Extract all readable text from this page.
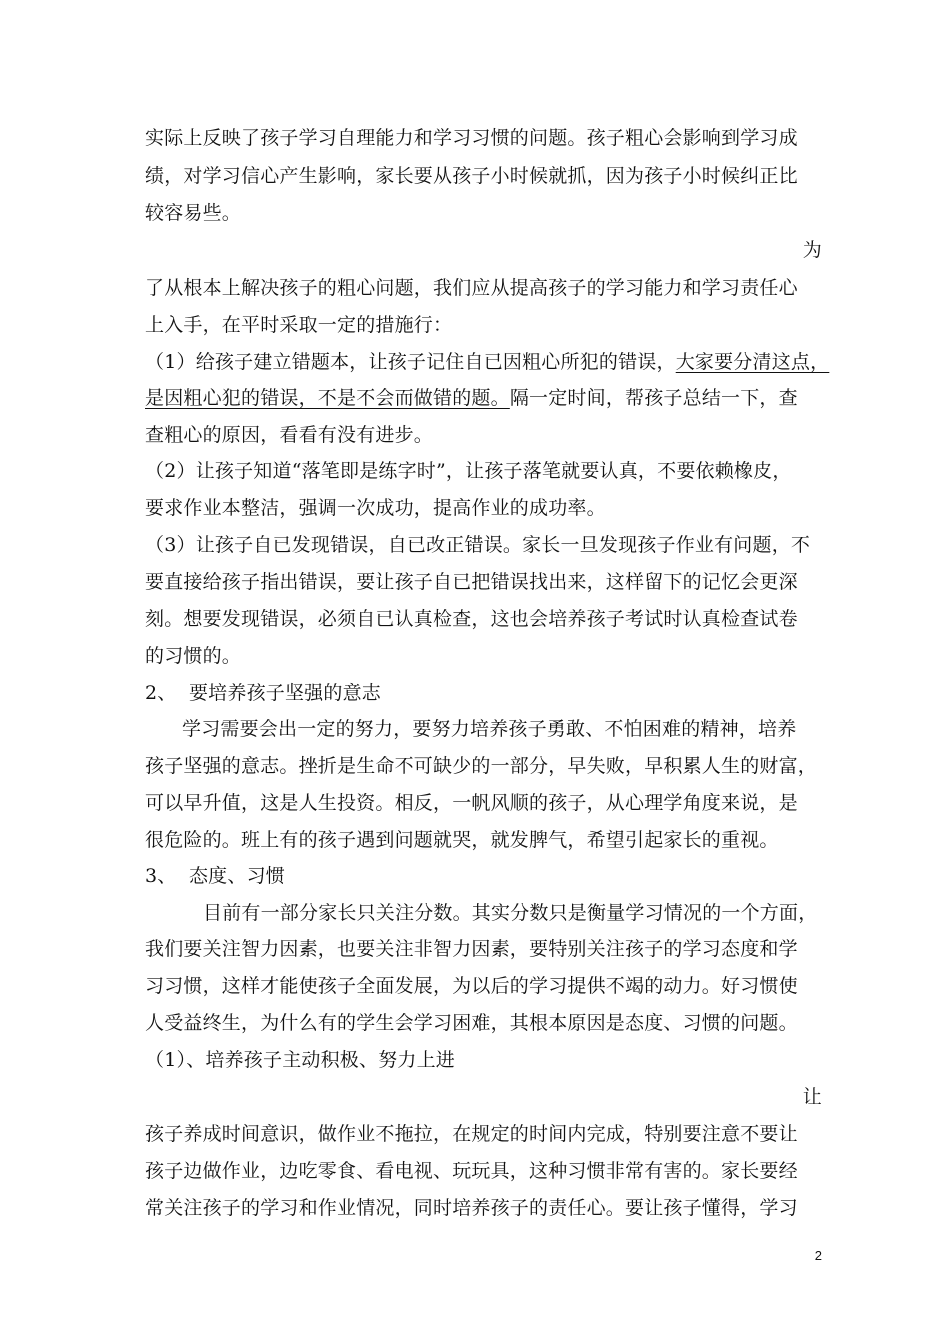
实际上反映了孩子学习自理能力和学习习惯的问题。孩子粗心会影响到学习成
绩，对学习信心产生影响，家长要从孩子小时候就抓，因为孩子小时候纠正比
较容易些。
为
了从根本上解决孩子的粗心问题，我们应从提高孩子的学习能力和学习责任心
上入手，在平时采取一定的措施行：
（1）给孩子建立错题本，让孩子记住自已因粗心所犯的错误，大家要分清这点，
是因粗心犯的错误，不是不会而做错的题。隔一定时间，帮孩子总结一下，查
查粗心的原因，看看有没有进步。
（2）让孩子知道“落笔即是练字时”，让孩子落笔就要认真，不要依赖橡皮，
要求作业本整洁，强调一次成功，提高作业的成功率。
（3）让孩子自已发现错误，自已改正错误。家长一旦发现孩子作业有问题，不
要直接给孩子指出错误，要让孩子自已把错误找出来，这样留下的记忆会更深
刻。想要发现错误，必须自已认真检查，这也会培养孩子考试时认真检查试卷
的习惯的。
2、  要培养孩子坚强的意志
学习需要会出一定的努力，要努力培养孩子勇敢、不怕困难的精神，培养
孩子坚强的意志。挫折是生命不可缺少的一部分，早失败，早积累人生的财富，
可以早升值，这是人生投资。相反，一帆风顺的孩子，从心理学角度来说，是
很危险的。班上有的孩子遇到问题就哭，就发脾气，希望引起家长的重视。
3、  态度、习惯
目前有一部分家长只关注分数。其实分数只是衡量学习情况的一个方面，
我们要关注智力因素，也要关注非智力因素，要特别关注孩子的学习态度和学
习习惯，这样才能使孩子全面发展，为以后的学习提供不竭的动力。好习惯使
人受益终生，为什么有的学生会学习困难，其根本原因是态度、习惯的问题。
（1）、培养孩子主动积极、努力上进
让
孩子养成时间意识，做作业不拖拉，在规定的时间内完成，特别要注意不要让
孩子边做作业，边吃零食、看电视、玩玩具，这种习惯非常有害的。家长要经
常关注孩子的学习和作业情况，同时培养孩子的责任心。要让孩子懂得，学习
2
